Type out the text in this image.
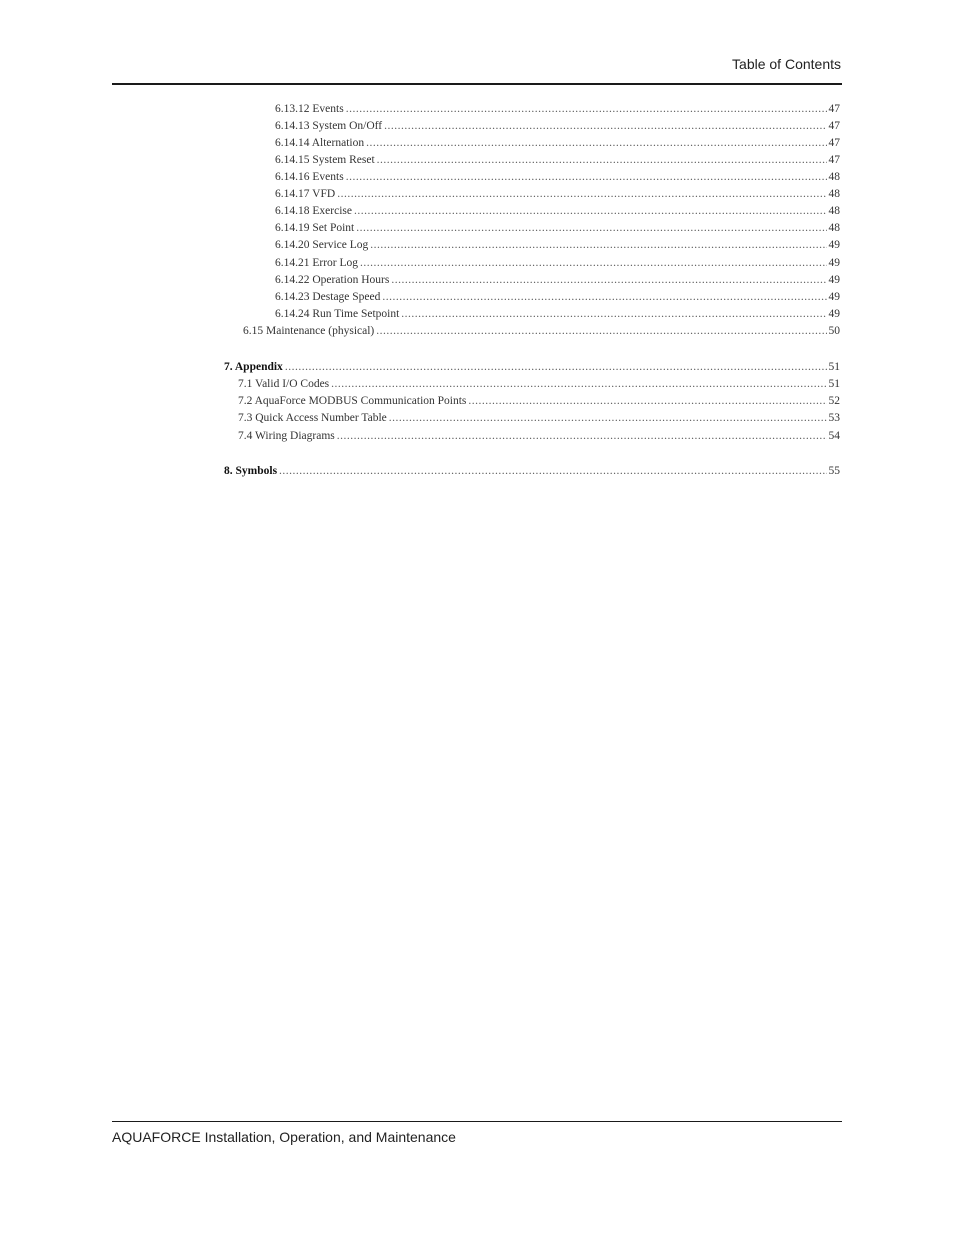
Table of Contents
6.13.12 Events .....	47
6.14.13 System On/Off .....	47
6.14.14 Alternation .....	47
6.14.15 System Reset .....	47
6.14.16 Events .....	48
6.14.17 VFD .....	48
6.14.18 Exercise .....	48
6.14.19 Set Point .....	48
6.14.20 Service Log .....	49
6.14.21 Error Log .....	49
6.14.22 Operation Hours .....	49
6.14.23 Destage Speed .....	49
6.14.24 Run Time Setpoint .....	49
6.15 Maintenance (physical) .....	50
7. Appendix .....	51
7.1 Valid I/O Codes .....	51
7.2 AquaForce MODBUS Communication Points .....	52
7.3 Quick Access Number Table .....	53
7.4 Wiring Diagrams .....	54
8. Symbols .....	55
AQUAFORCE Installation, Operation, and Maintenance
